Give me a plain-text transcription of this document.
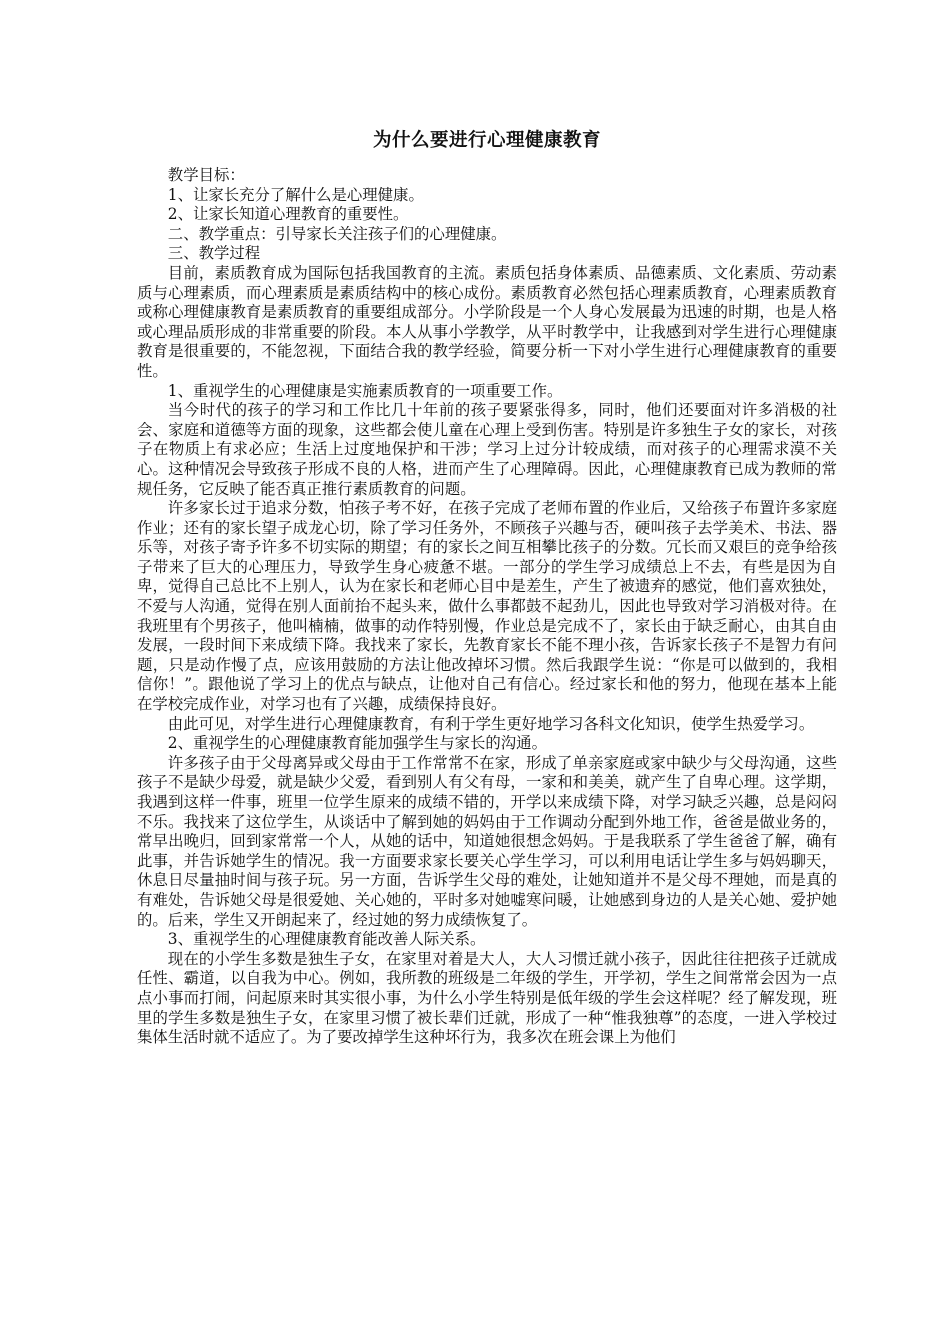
为什么要进行心理健康教育

教学目标：

1、让家长充分了解什么是心理健康。

2、让家长知道心理教育的重要性。

二、教学重点：引导家长关注孩子们的心理健康。

三、教学过程

目前，素质教育成为国际包括我国教育的主流。素质包括身体素质、品德素质、文化素质、劳动素质与心理素质，而心理素质是素质结构中的核心成份。素质教育必然包括心理素质教育，心理素质教育或称心理健康教育是素质教育的重要组成部分。小学阶段是一个人身心发展最为迅速的时期，也是人格或心理品质形成的非常重要的阶段。本人从事小学教学，从平时教学中，让我感到对学生进行心理健康教育是很重要的，不能忽视，下面结合我的教学经验，简要分析一下对小学生进行心理健康教育的重要性。

1、重视学生的心理健康是实施素质教育的一项重要工作。

当今时代的孩子的学习和工作比几十年前的孩子要紧张得多，同时，他们还要面对许多消极的社会、家庭和道德等方面的现象，这些都会使儿童在心理上受到伤害。特别是许多独生子女的家长，对孩子在物质上有求必应；生活上过度地保护和干涉；学习上过分计较成绩，而对孩子的心理需求漠不关心。这种情况会导致孩子形成不良的人格，进而产生了心理障碍。因此，心理健康教育已成为教师的常规任务，它反映了能否真正推行素质教育的问题。

许多家长过于追求分数，怕孩子考不好，在孩子完成了老师布置的作业后，又给孩子布置许多家庭作业；还有的家长望子成龙心切，除了学习任务外，不顾孩子兴趣与否，硬叫孩子去学美术、书法、器乐等，对孩子寄予许多不切实际的期望；有的家长之间互相攀比孩子的分数。冗长而又艰巨的竞争给孩子带来了巨大的心理压力，导致学生身心疲惫不堪。一部分的学生学习成绩总上不去，有些是因为自卑，觉得自己总比不上别人，认为在家长和老师心目中是差生，产生了被遗弃的感觉，他们喜欢独处，不爱与人沟通，觉得在别人面前抬不起头来，做什么事都鼓不起劲儿，因此也导致对学习消极对待。在我班里有个男孩子，他叫楠楠，做事的动作特别慢，作业总是完成不了，家长由于缺乏耐心，由其自由发展，一段时间下来成绩下降。我找来了家长，先教育家长不能不理小孩，告诉家长孩子不是智力有问题，只是动作慢了点，应该用鼓励的方法让他改掉坏习惯。然后我跟学生说：“你是可以做到的，我相信你！”。跟他说了学习上的优点与缺点，让他对自己有信心。经过家长和他的努力，他现在基本上能在学校完成作业，对学习也有了兴趣，成绩保持良好。

由此可见，对学生进行心理健康教育，有利于学生更好地学习各科文化知识，使学生热爱学习。

2、重视学生的心理健康教育能加强学生与家长的沟通。

许多孩子由于父母离异或父母由于工作常常不在家，形成了单亲家庭或家中缺少与父母沟通，这些孩子不是缺少母爱，就是缺少父爱，看到别人有父有母，一家和和美美，就产生了自卑心理。这学期，我遇到这样一件事，班里一位学生原来的成绩不错的，开学以来成绩下降，对学习缺乏兴趣，总是闷闷不乐。我找来了这位学生，从谈话中了解到她的妈妈由于工作调动分配到外地工作，爸爸是做业务的，常早出晚归，回到家常常一个人，从她的话中，知道她很想念妈妈。于是我联系了学生爸爸了解，确有此事，并告诉她学生的情况。我一方面要求家长要关心学生学习，可以利用电话让学生多与妈妈聊天，休息日尽量抽时间与孩子玩。另一方面，告诉学生父母的难处，让她知道并不是父母不理她，而是真的有难处，告诉她父母是很爱她、关心她的，平时多对她嘘寒问暖，让她感到身边的人是关心她、爱护她的。后来，学生又开朗起来了，经过她的努力成绩恢复了。

3、重视学生的心理健康教育能改善人际关系。

现在的小学生多数是独生子女，在家里对着是大人，大人习惯迁就小孩子，因此往往把孩子迁就成任性、霸道，以自我为中心。例如，我所教的班级是二年级的学生，开学初，学生之间常常会因为一点点小事而打闹，问起原来时其实很小事，为什么小学生特别是低年级的学生会这样呢？经了解发现，班里的学生多数是独生子女，在家里习惯了被长辈们迁就，形成了一种“惟我独尊”的态度，一进入学校过集体生活时就不适应了。为了要改掉学生这种坏行为，我多次在班会课上为他们
